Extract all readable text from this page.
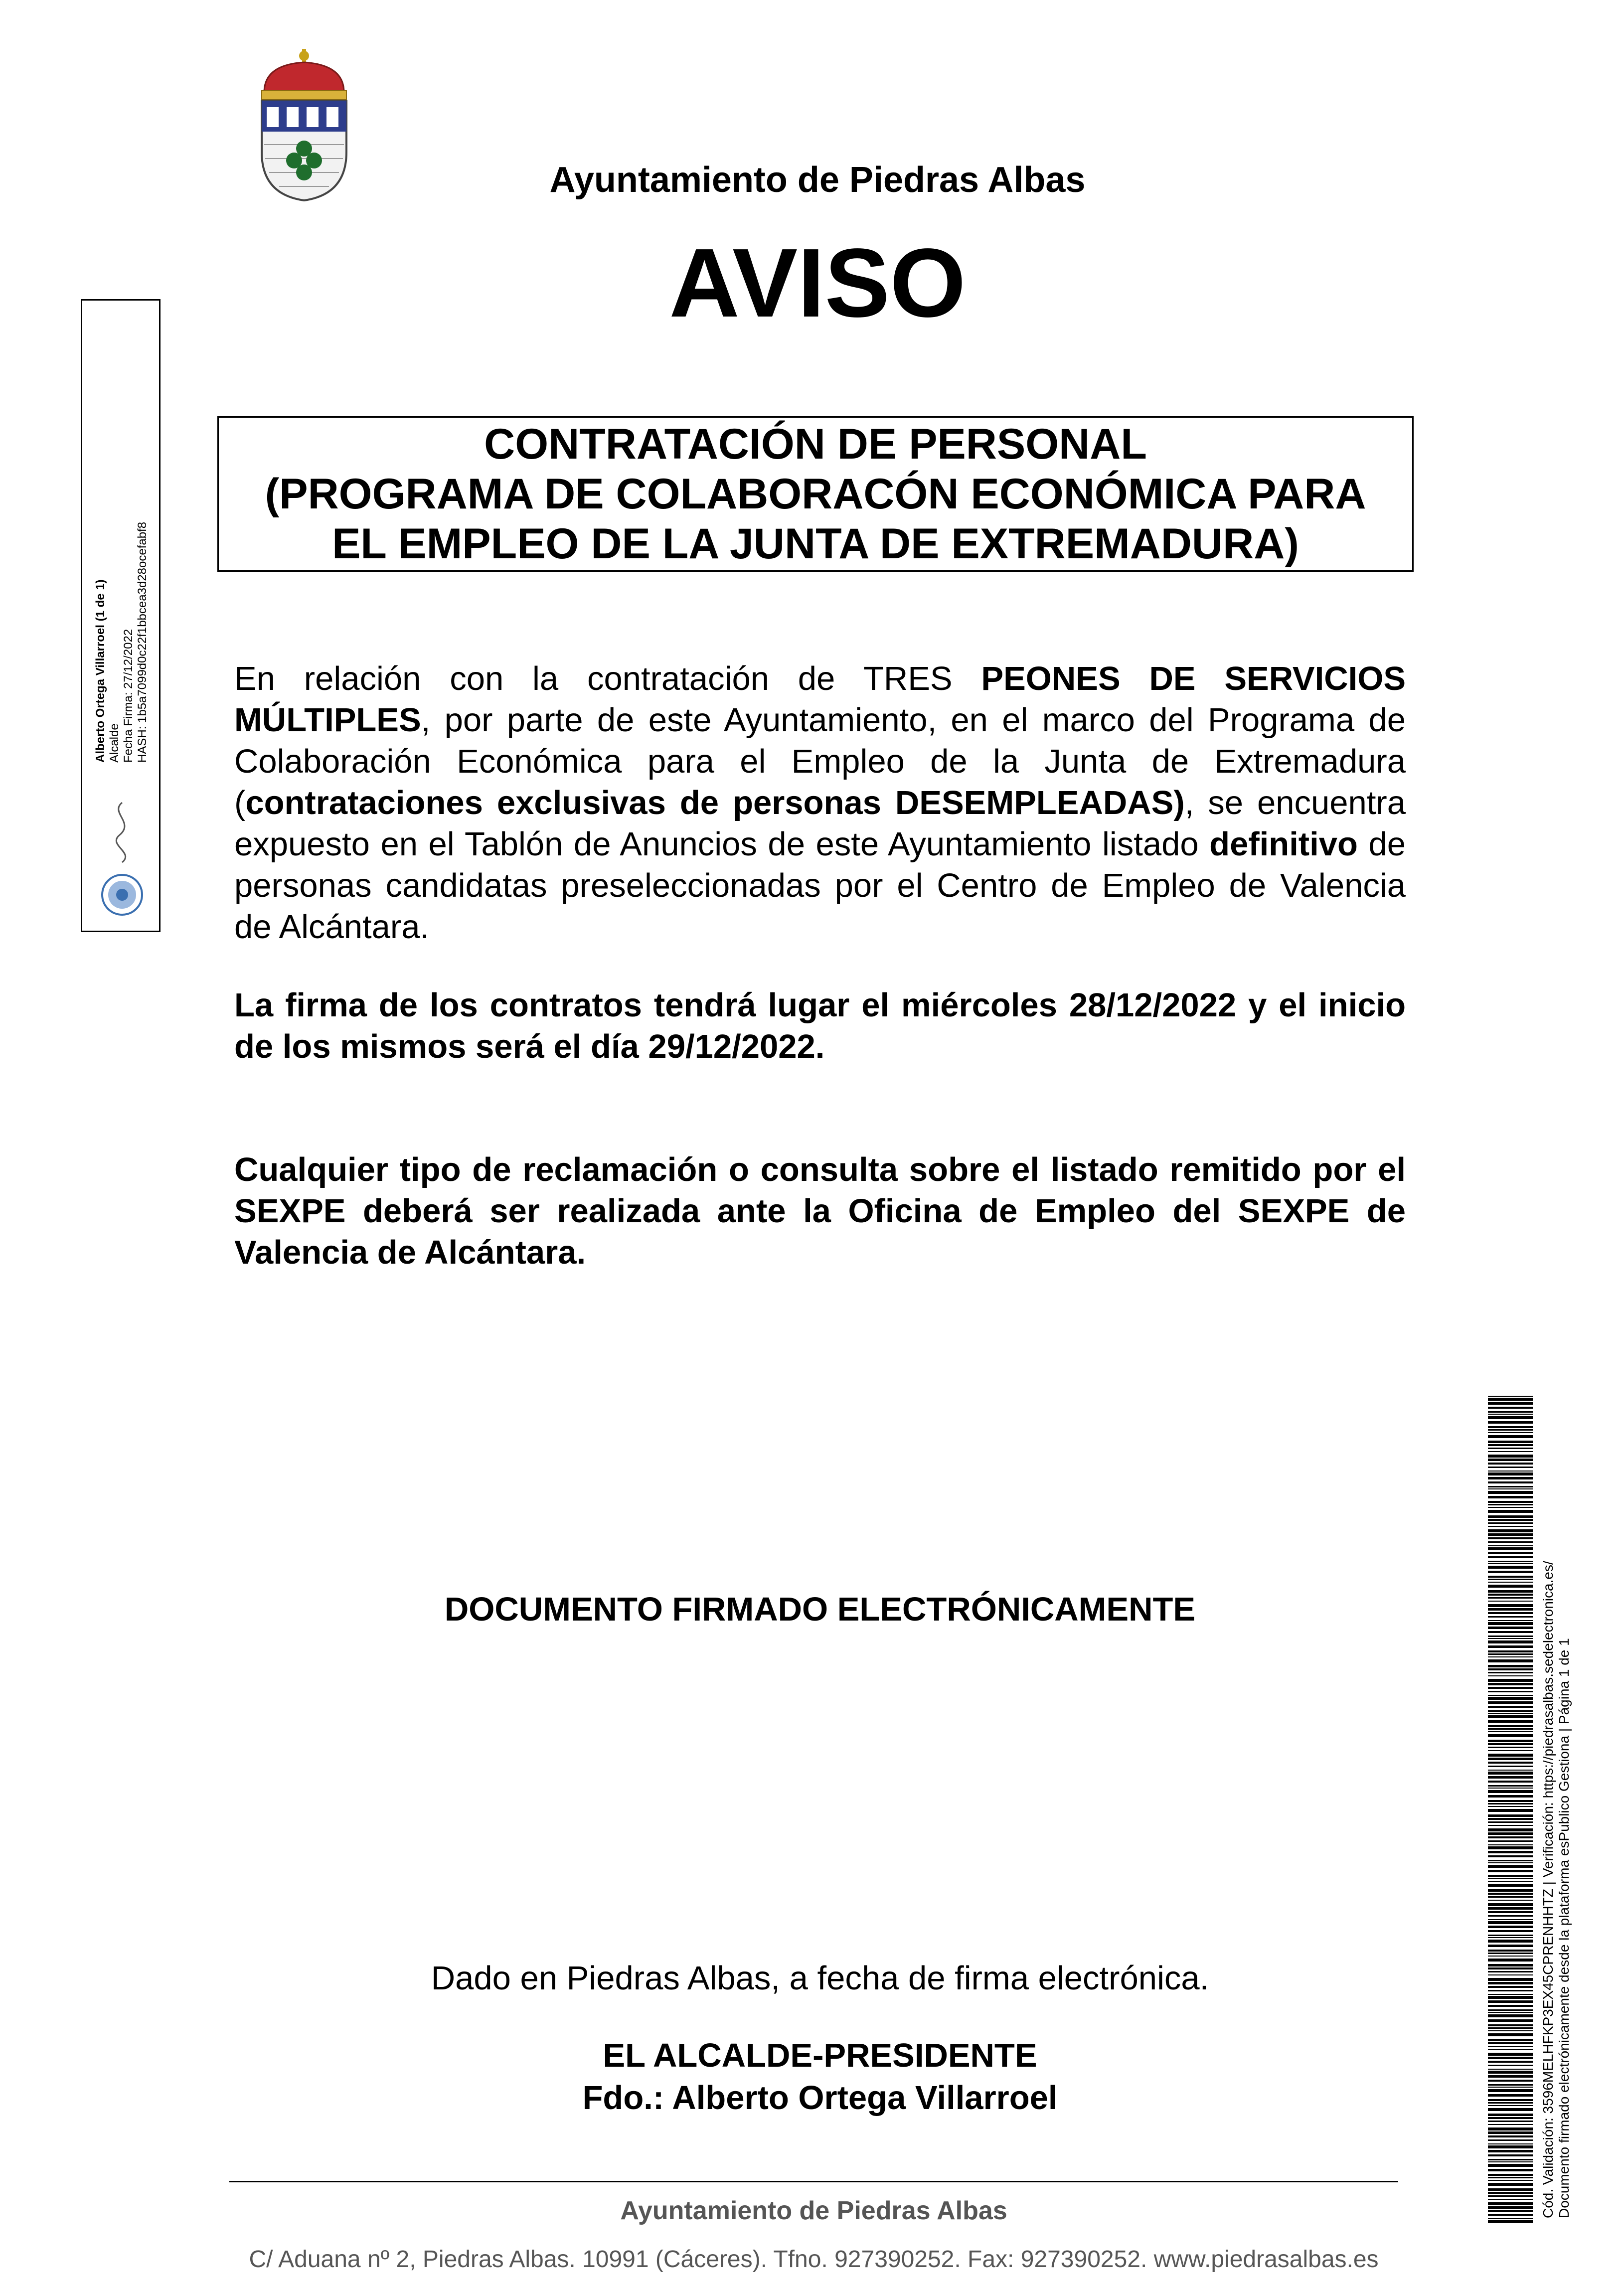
Ayuntamiento de Piedras Albas
AVISO
CONTRATACIÓN DE PERSONAL
(PROGRAMA DE COLABORACÓN ECONÓMICA PARA
EL EMPLEO DE LA JUNTA DE EXTREMADURA)
En relación con la contratación de TRES PEONES DE SERVICIOS MÚLTIPLES, por parte de este Ayuntamiento, en el marco del Programa de Colaboración Económica para el Empleo de la Junta de Extremadura (contrataciones exclusivas de personas DESEMPLEADAS), se encuentra expuesto en el Tablón de Anuncios de este Ayuntamiento listado definitivo de personas candidatas preseleccionadas por el Centro de Empleo de Valencia de Alcántara.
La firma de los contratos tendrá lugar el miércoles 28/12/2022 y el inicio de los mismos será el día 29/12/2022.
Cualquier tipo de reclamación o consulta sobre el listado remitido por el SEXPE deberá ser realizada ante la Oficina de Empleo del SEXPE de Valencia de Alcántara.
DOCUMENTO FIRMADO ELECTRÓNICAMENTE
Dado en Piedras Albas, a fecha de firma electrónica.
EL ALCALDE-PRESIDENTE
Fdo.: Alberto Ortega Villarroel
Ayuntamiento de Piedras Albas
C/ Aduana nº 2, Piedras Albas. 10991 (Cáceres). Tfno. 927390252. Fax: 927390252. www.piedrasalbas.es
Alberto Ortega Villarroel (1 de 1) Alcalde Fecha Firma: 27/12/2022 HASH: 1b5a7099d0c22f1bbcea3d28ocefabf8
Cód. Validación: 3596MELHFKP3EX45CPRENHHTZ | Verificación: https://piedrasalbas.sedelectronica.es/ Documento firmado electrónicamente desde la plataforma esPublico Gestiona | Página 1 de 1
